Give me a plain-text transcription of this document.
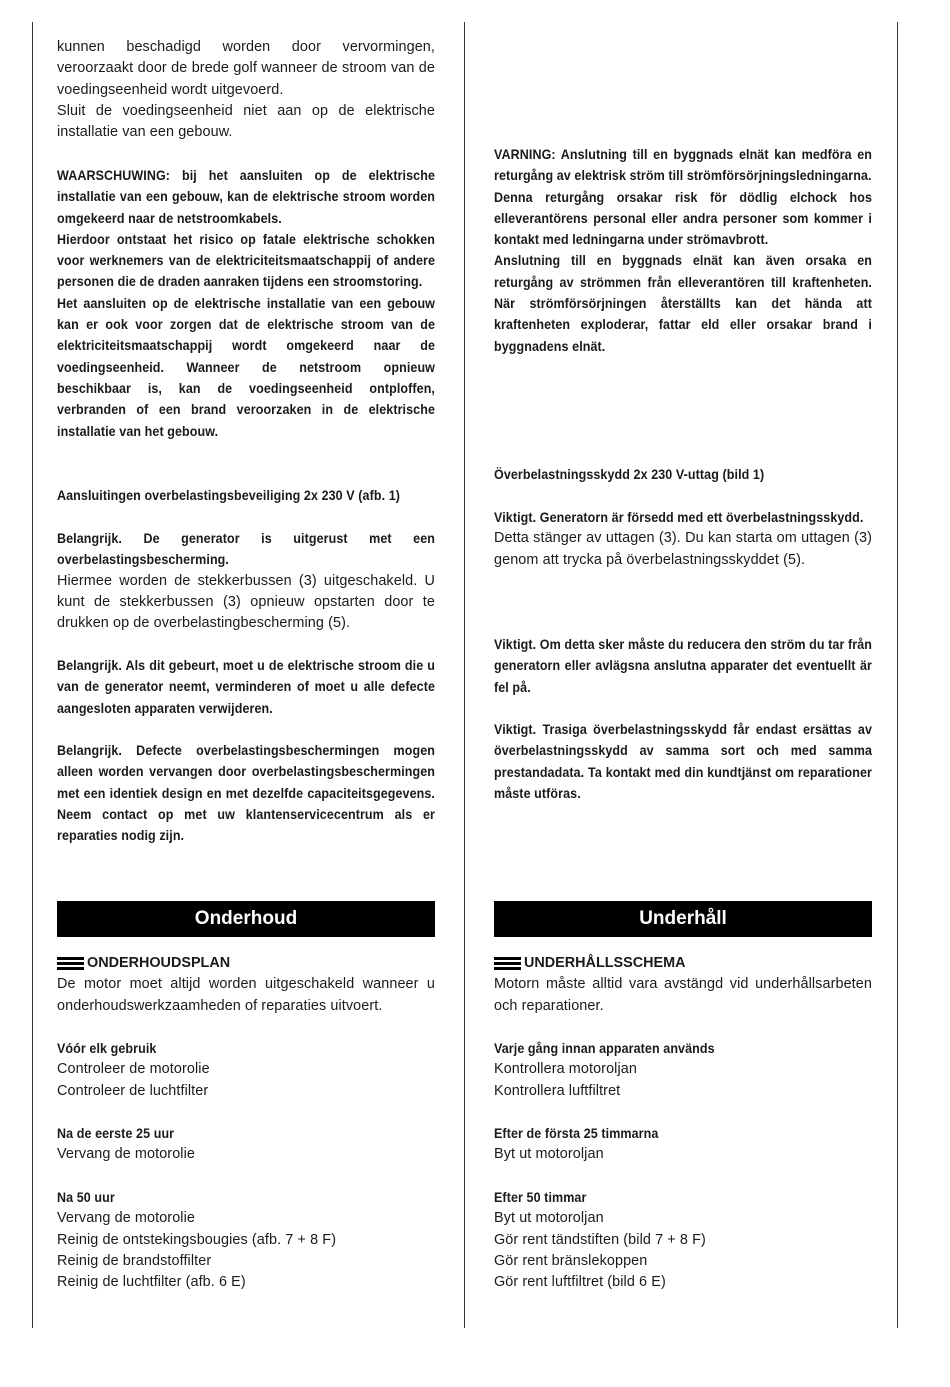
kunnen beschadigd worden door vervormingen, veroorzaakt door de brede golf wanneer de stroom van de voedingseenheid wordt uitgevoerd.

Sluit de voedingseenheid niet aan op de elektrische installatie van een gebouw.

WAARSCHUWING: bij het aansluiten op de elektrische installatie van een gebouw, kan de elektrische stroom worden omgekeerd naar de netstroomkabels.

Hierdoor ontstaat het risico op fatale elektrische schokken voor werknemers van de elektriciteitsmaatschappij of andere personen die de draden aanraken tijdens een stroomstoring.

Het aansluiten op de elektrische installatie van een gebouw kan er ook voor zorgen dat de elektrische stroom van de elektriciteitsmaatschappij wordt omgekeerd naar de voedingseenheid. Wanneer de netstroom opnieuw beschikbaar is, kan de voedingseenheid ontploffen, verbranden of een brand veroorzaken in de elektrische installatie van het gebouw.

Aansluitingen overbelastingsbeveiliging 2x 230 V (afb. 1)

Belangrijk. De generator is uitgerust met een overbelastingsbescherming.

Hiermee worden de stekkerbussen (3) uitgeschakeld. U kunt de stekkerbussen (3) opnieuw opstarten door te drukken op de overbelastingbescherming (5).

Belangrijk. Als dit gebeurt, moet u de elektrische stroom die u van de generator neemt, verminderen of moet u alle defecte aangesloten apparaten verwijderen.

Belangrijk. Defecte overbelastingsbeschermingen mogen alleen worden vervangen door overbelastingsbeschermingen met een identiek design en met dezelfde capaciteitsgegevens. Neem contact op met uw klantenservicecentrum als er reparaties nodig zijn.

Onderhoud
ONDERHOUDSPLAN

De motor moet altijd worden uitgeschakeld wanneer u onderhoudswerkzaamheden of reparaties uitvoert.

Vóór elk gebruik

Controleer de motorolie

Controleer de luchtfilter

Na de eerste 25 uur

Vervang de motorolie

Na 50 uur

Vervang de motorolie

Reinig de ontstekingsbougies (afb. 7 + 8 F)

Reinig de brandstoffilter

Reinig de luchtfilter (afb. 6 E)

VARNING: Anslutning till en byggnads elnät kan medföra en returgång av elektrisk ström till strömförsörjningsledningarna.

Denna returgång orsakar risk för dödlig elchock hos elleverantörens personal eller andra personer som kommer i kontakt med ledningarna under strömavbrott.

Anslutning till en byggnads elnät kan även orsaka en returgång av strömmen från elleverantören till kraftenheten. När strömförsörjningen återställts kan det hända att kraftenheten exploderar, fattar eld eller orsakar brand i byggnadens elnät.

Överbelastningsskydd 2x 230 V-uttag (bild 1)

Viktigt. Generatorn är försedd med ett överbelastningsskydd.

Detta stänger av uttagen (3). Du kan starta om uttagen (3) genom att trycka på överbelastningsskyddet (5).

Viktigt. Om detta sker måste du reducera den ström du tar från generatorn eller avlägsna anslutna apparater det eventuellt är fel på.

Viktigt. Trasiga överbelastningsskydd får endast ersättas av överbelastningsskydd av samma sort och med samma prestandadata. Ta kontakt med din kundtjänst om reparationer måste utföras.

Underhåll
UNDERHÅLLSSCHEMA

Motorn måste alltid vara avstängd vid underhållsarbeten och reparationer.

Varje gång innan apparaten används

Kontrollera motoroljan

Kontrollera luftfiltret

Efter de första 25 timmarna

Byt ut motoroljan

Efter 50 timmar

Byt ut motoroljan

Gör rent tändstiften (bild 7 + 8 F)

Gör rent bränslekoppen

Gör rent luftfiltret (bild 6 E)
